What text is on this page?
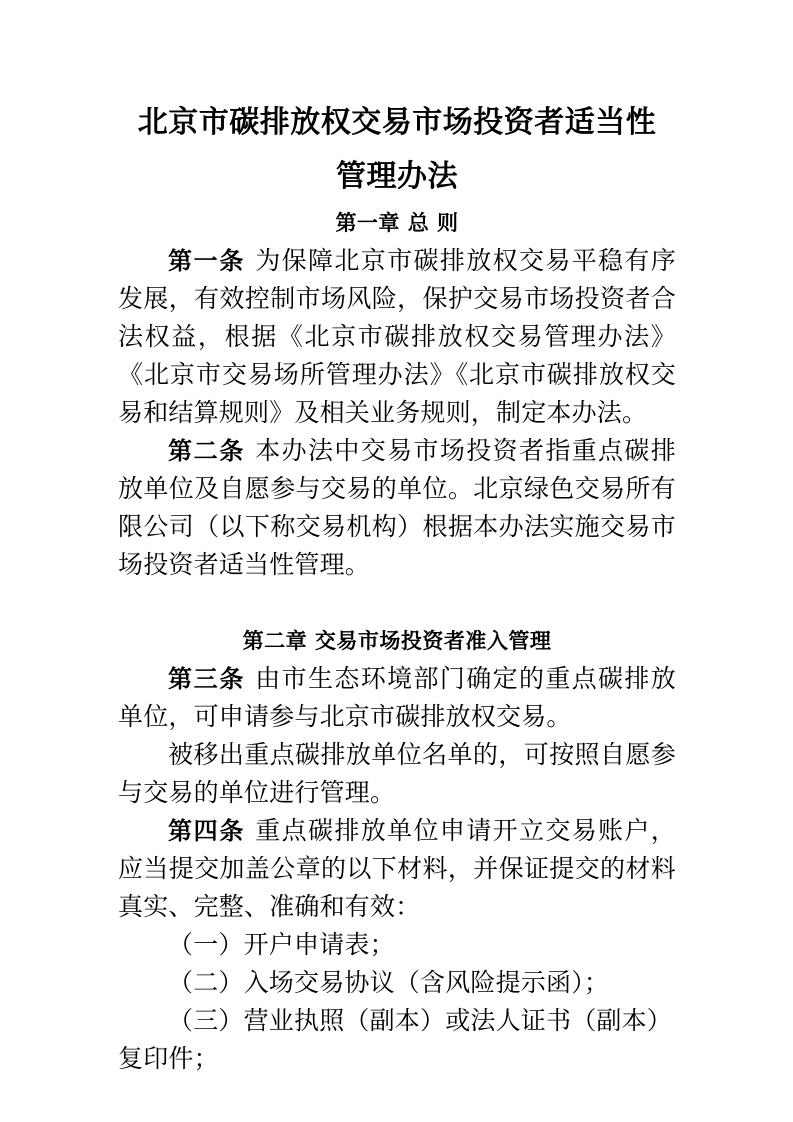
北京市碳排放权交易市场投资者适当性
管理办法
第一章 总 则

第一条 为保障北京市碳排放权交易平稳有序发展，有效控制市场风险，保护交易市场投资者合法权益，根据《北京市碳排放权交易管理办法》《北京市交易场所管理办法》《北京市碳排放权交易和结算规则》及相关业务规则，制定本办法。

第二条 本办法中交易市场投资者指重点碳排放单位及自愿参与交易的单位。北京绿色交易所有限公司（以下称交易机构）根据本办法实施交易市场投资者适当性管理。

第二章 交易市场投资者准入管理

第三条 由市生态环境部门确定的重点碳排放单位，可申请参与北京市碳排放权交易。

被移出重点碳排放单位名单的，可按照自愿参与交易的单位进行管理。

第四条 重点碳排放单位申请开立交易账户，应当提交加盖公章的以下材料，并保证提交的材料真实、完整、准确和有效：

（一）开户申请表；

（二）入场交易协议（含风险提示函）；

（三）营业执照（副本）或法人证书（副本）复印件；
